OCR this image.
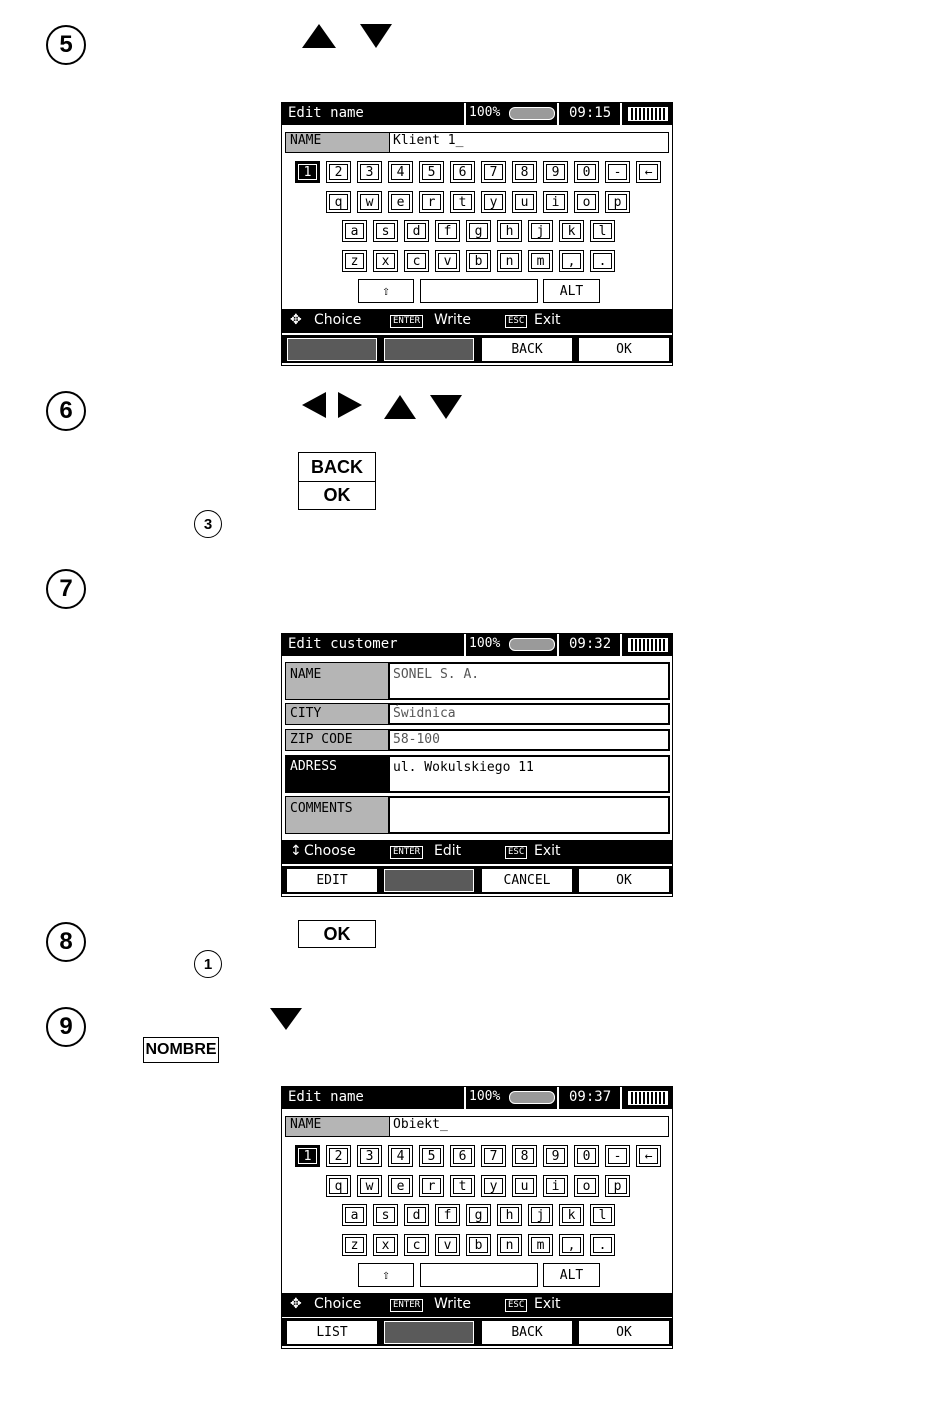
5
Edit name	100%	09:15
NAME	Klient 1_
1	2	3	4	5	6	7	8	9	0	-	←
q	w	e	r	t	y	u	i	o	p
a	s	d	f	g	h	j	k	l
z	x	c	v	b	n	m	,	.
⇧	ALT
✥ Choice	ENTER Write	ESC Exit
BACK	OK
6
BACK
OK
3
7
Edit customer	100%	09:32
NAME	SONEL S. A.
CITY	Świdnica
ZIP CODE	58-100
ADRESS	ul. Wokulskiego 11
COMMENTS
↕ Choose	ENTER Edit	ESC Exit
EDIT	CANCEL	OK
8	OK
1
9
NOMBRE
Edit name	100%	09:37
NAME	Obiekt_
1	2	3	4	5	6	7	8	9	0	-	←
q	w	e	r	t	y	u	i	o	p
a	s	d	f	g	h	j	k	l
z	x	c	v	b	n	m	,	.
⇧	ALT
✥ Choice	ENTER Write	ESC Exit
LIST	BACK	OK
